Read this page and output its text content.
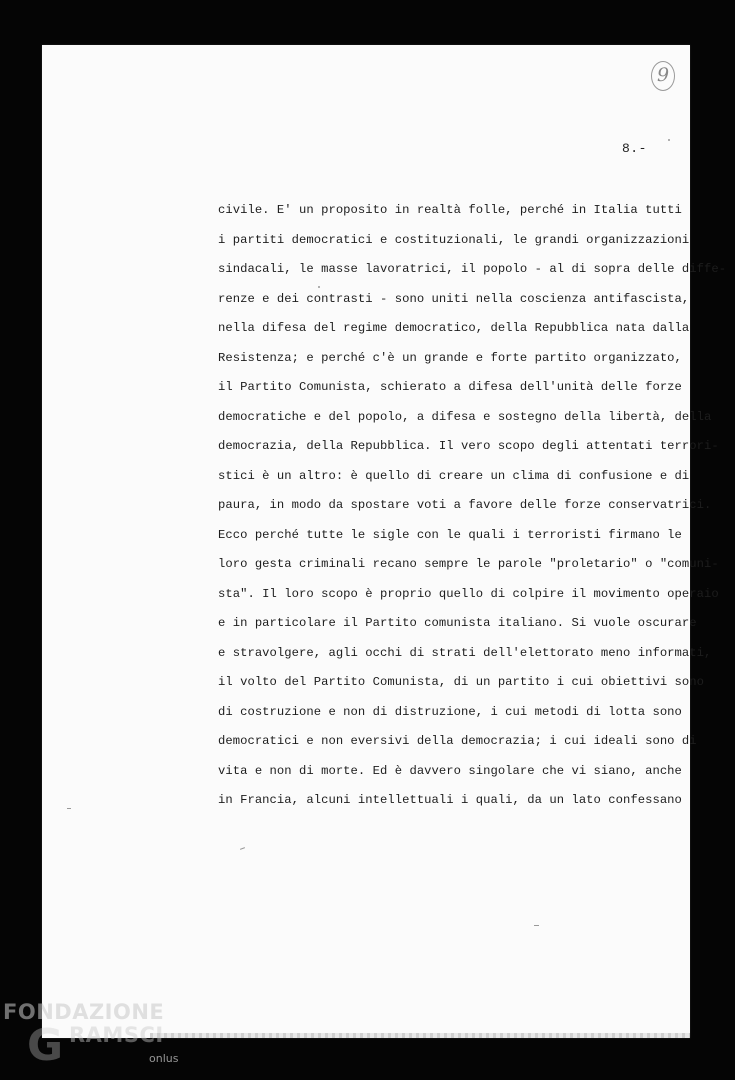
9
8.-
civile. E' un proposito in realtà folle, perché in Italia tutti
i partiti democratici e costituzionali, le grandi organizzazioni
sindacali, le masse lavoratrici, il popolo - al di sopra delle diffe-
renze e dei contrasti - sono uniti nella coscienza antifascista,
nella difesa del regime democratico, della Repubblica nata dalla
Resistenza; e perché c'è un grande e forte partito organizzato,
il Partito Comunista, schierato a difesa dell'unità delle forze
democratiche e del popolo, a difesa e sostegno della libertà, della
democrazia, della Repubblica. Il vero scopo degli attentati terrori-
stici è un altro: è quello di creare un clima di confusione e di
paura, in modo da spostare voti a favore delle forze conservatrici.
Ecco perché tutte le sigle con le quali i terroristi firmano le
loro gesta criminali recano sempre le parole "proletario" o "comuni-
sta". Il loro scopo è proprio quello di colpire il movimento operaio
e in particolare il Partito comunista italiano. Si vuole oscurare
e stravolgere, agli occhi di strati dell'elettorato meno informati,
il volto del Partito Comunista, di un partito i cui obiettivi sono
di costruzione e non di distruzione, i cui metodi di lotta sono
democratici e non eversivi della democrazia; i cui ideali sono di
vita e non di morte. Ed è davvero singolare che vi siano, anche
in Francia, alcuni intellettuali i quali, da un lato confessano
FONDAZIONE
G RAMSCI
onlus
